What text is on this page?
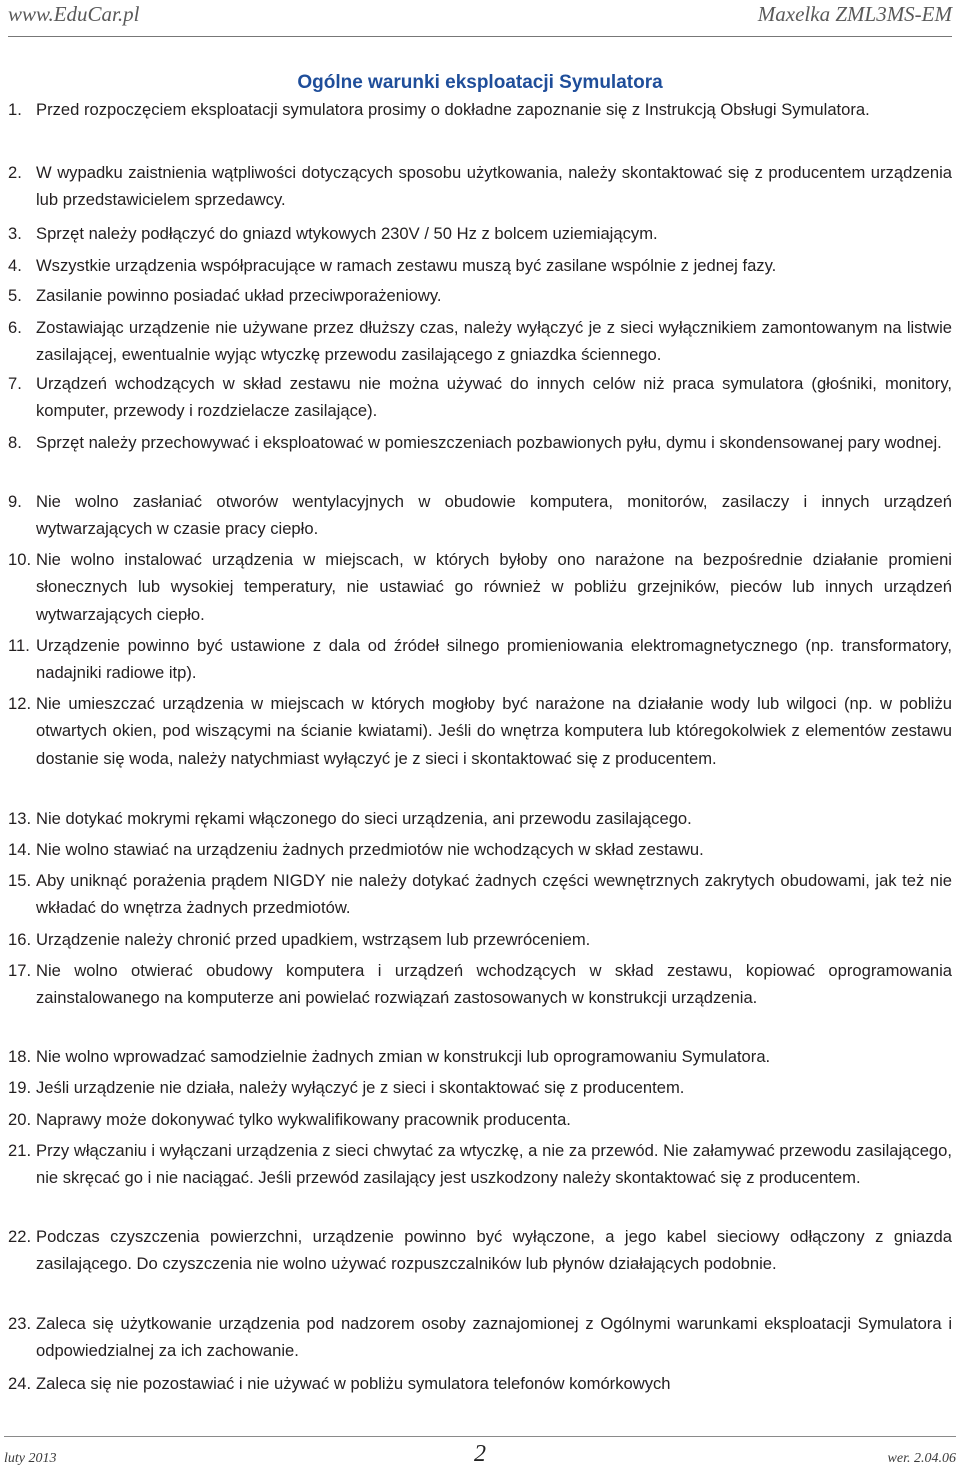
www.EduCar.pl	Maxelka ZML3MS-EM
Ogólne warunki eksploatacji Symulatora
1. Przed rozpoczęciem eksploatacji symulatora prosimy o dokładne zapoznanie się z Instrukcją Obsługi Symulatora.
2. W wypadku zaistnienia wątpliwości dotyczących sposobu użytkowania, należy skontaktować się z producentem urządzenia lub przedstawicielem sprzedawcy.
3. Sprzęt należy podłączyć do gniazd wtykowych 230V / 50 Hz z bolcem uziemiającym.
4. Wszystkie urządzenia współpracujące w ramach zestawu muszą być zasilane wspólnie z jednej fazy.
5. Zasilanie powinno posiadać układ przeciwporażeniowy.
6. Zostawiając urządzenie nie używane przez dłuższy czas, należy wyłączyć je z sieci wyłącznikiem zamontowanym na listwie zasilającej, ewentualnie wyjąc wtyczkę przewodu zasilającego z gniazdka ściennego.
7. Urządzeń wchodzących w skład zestawu nie można używać do innych celów niż praca symulatora (głośniki, monitory, komputer, przewody i rozdzielacze zasilające).
8. Sprzęt należy przechowywać i eksploatować w pomieszczeniach pozbawionych pyłu, dymu i skondensowanej pary wodnej.
9. Nie wolno zasłaniać otworów wentylacyjnych w obudowie komputera, monitorów, zasilaczy i innych urządzeń wytwarzających w czasie pracy ciepło.
10. Nie wolno instalować urządzenia w miejscach, w których byłoby ono narażone na bezpośrednie działanie promieni słonecznych lub wysokiej temperatury, nie ustawiać go również w pobliżu grzejników, pieców lub innych urządzeń wytwarzających ciepło.
11. Urządzenie powinno być ustawione z dala od źródeł silnego promieniowania elektromagnetycznego (np. transformatory, nadajniki radiowe itp).
12. Nie umieszczać urządzenia w miejscach w których mogłoby być narażone na działanie wody lub wilgoci (np. w pobliżu otwartych okien, pod wiszącymi na ścianie kwiatami). Jeśli do wnętrza komputera lub któregokolwiek z elementów zestawu dostanie się woda, należy natychmiast wyłączyć je z sieci i skontaktować się z producentem.
13. Nie dotykać mokrymi rękami włączonego do sieci urządzenia, ani przewodu zasilającego.
14. Nie wolno stawiać na urządzeniu żadnych przedmiotów nie wchodzących w skład zestawu.
15. Aby uniknąć porażenia prądem NIGDY nie należy dotykać żadnych części wewnętrznych zakrytych obudowami, jak też nie wkładać do wnętrza żadnych przedmiotów.
16. Urządzenie należy chronić przed upadkiem, wstrząsem lub przewróceniem.
17. Nie wolno otwierać obudowy komputera i urządzeń wchodzących w skład zestawu, kopiować oprogramowania zainstalowanego na komputerze ani powielać rozwiązań zastosowanych w konstrukcji urządzenia.
18. Nie wolno wprowadzać samodzielnie żadnych zmian w konstrukcji lub oprogramowaniu Symulatora.
19. Jeśli urządzenie nie działa, należy wyłączyć je z sieci i skontaktować się z producentem.
20. Naprawy może dokonywać tylko wykwalifikowany pracownik producenta.
21. Przy włączaniu i wyłączani urządzenia z sieci chwytać za wtyczkę, a nie za przewód. Nie załamywać przewodu zasilającego, nie skręcać go i nie naciągać. Jeśli przewód zasilający jest uszkodzony należy skontaktować się z producentem.
22. Podczas czyszczenia powierzchni, urządzenie powinno być wyłączone, a jego kabel sieciowy odłączony z gniazda zasilającego. Do czyszczenia nie wolno używać rozpuszczalników lub płynów działających podobnie.
23. Zaleca się użytkowanie urządzenia pod nadzorem osoby zaznajomionej z Ogólnymi warunkami eksploatacji Symulatora i odpowiedzialnej za ich zachowanie.
24. Zaleca się nie pozostawiać i nie używać w pobliżu symulatora telefonów komórkowych
luty 2013	2	wer. 2.04.06
